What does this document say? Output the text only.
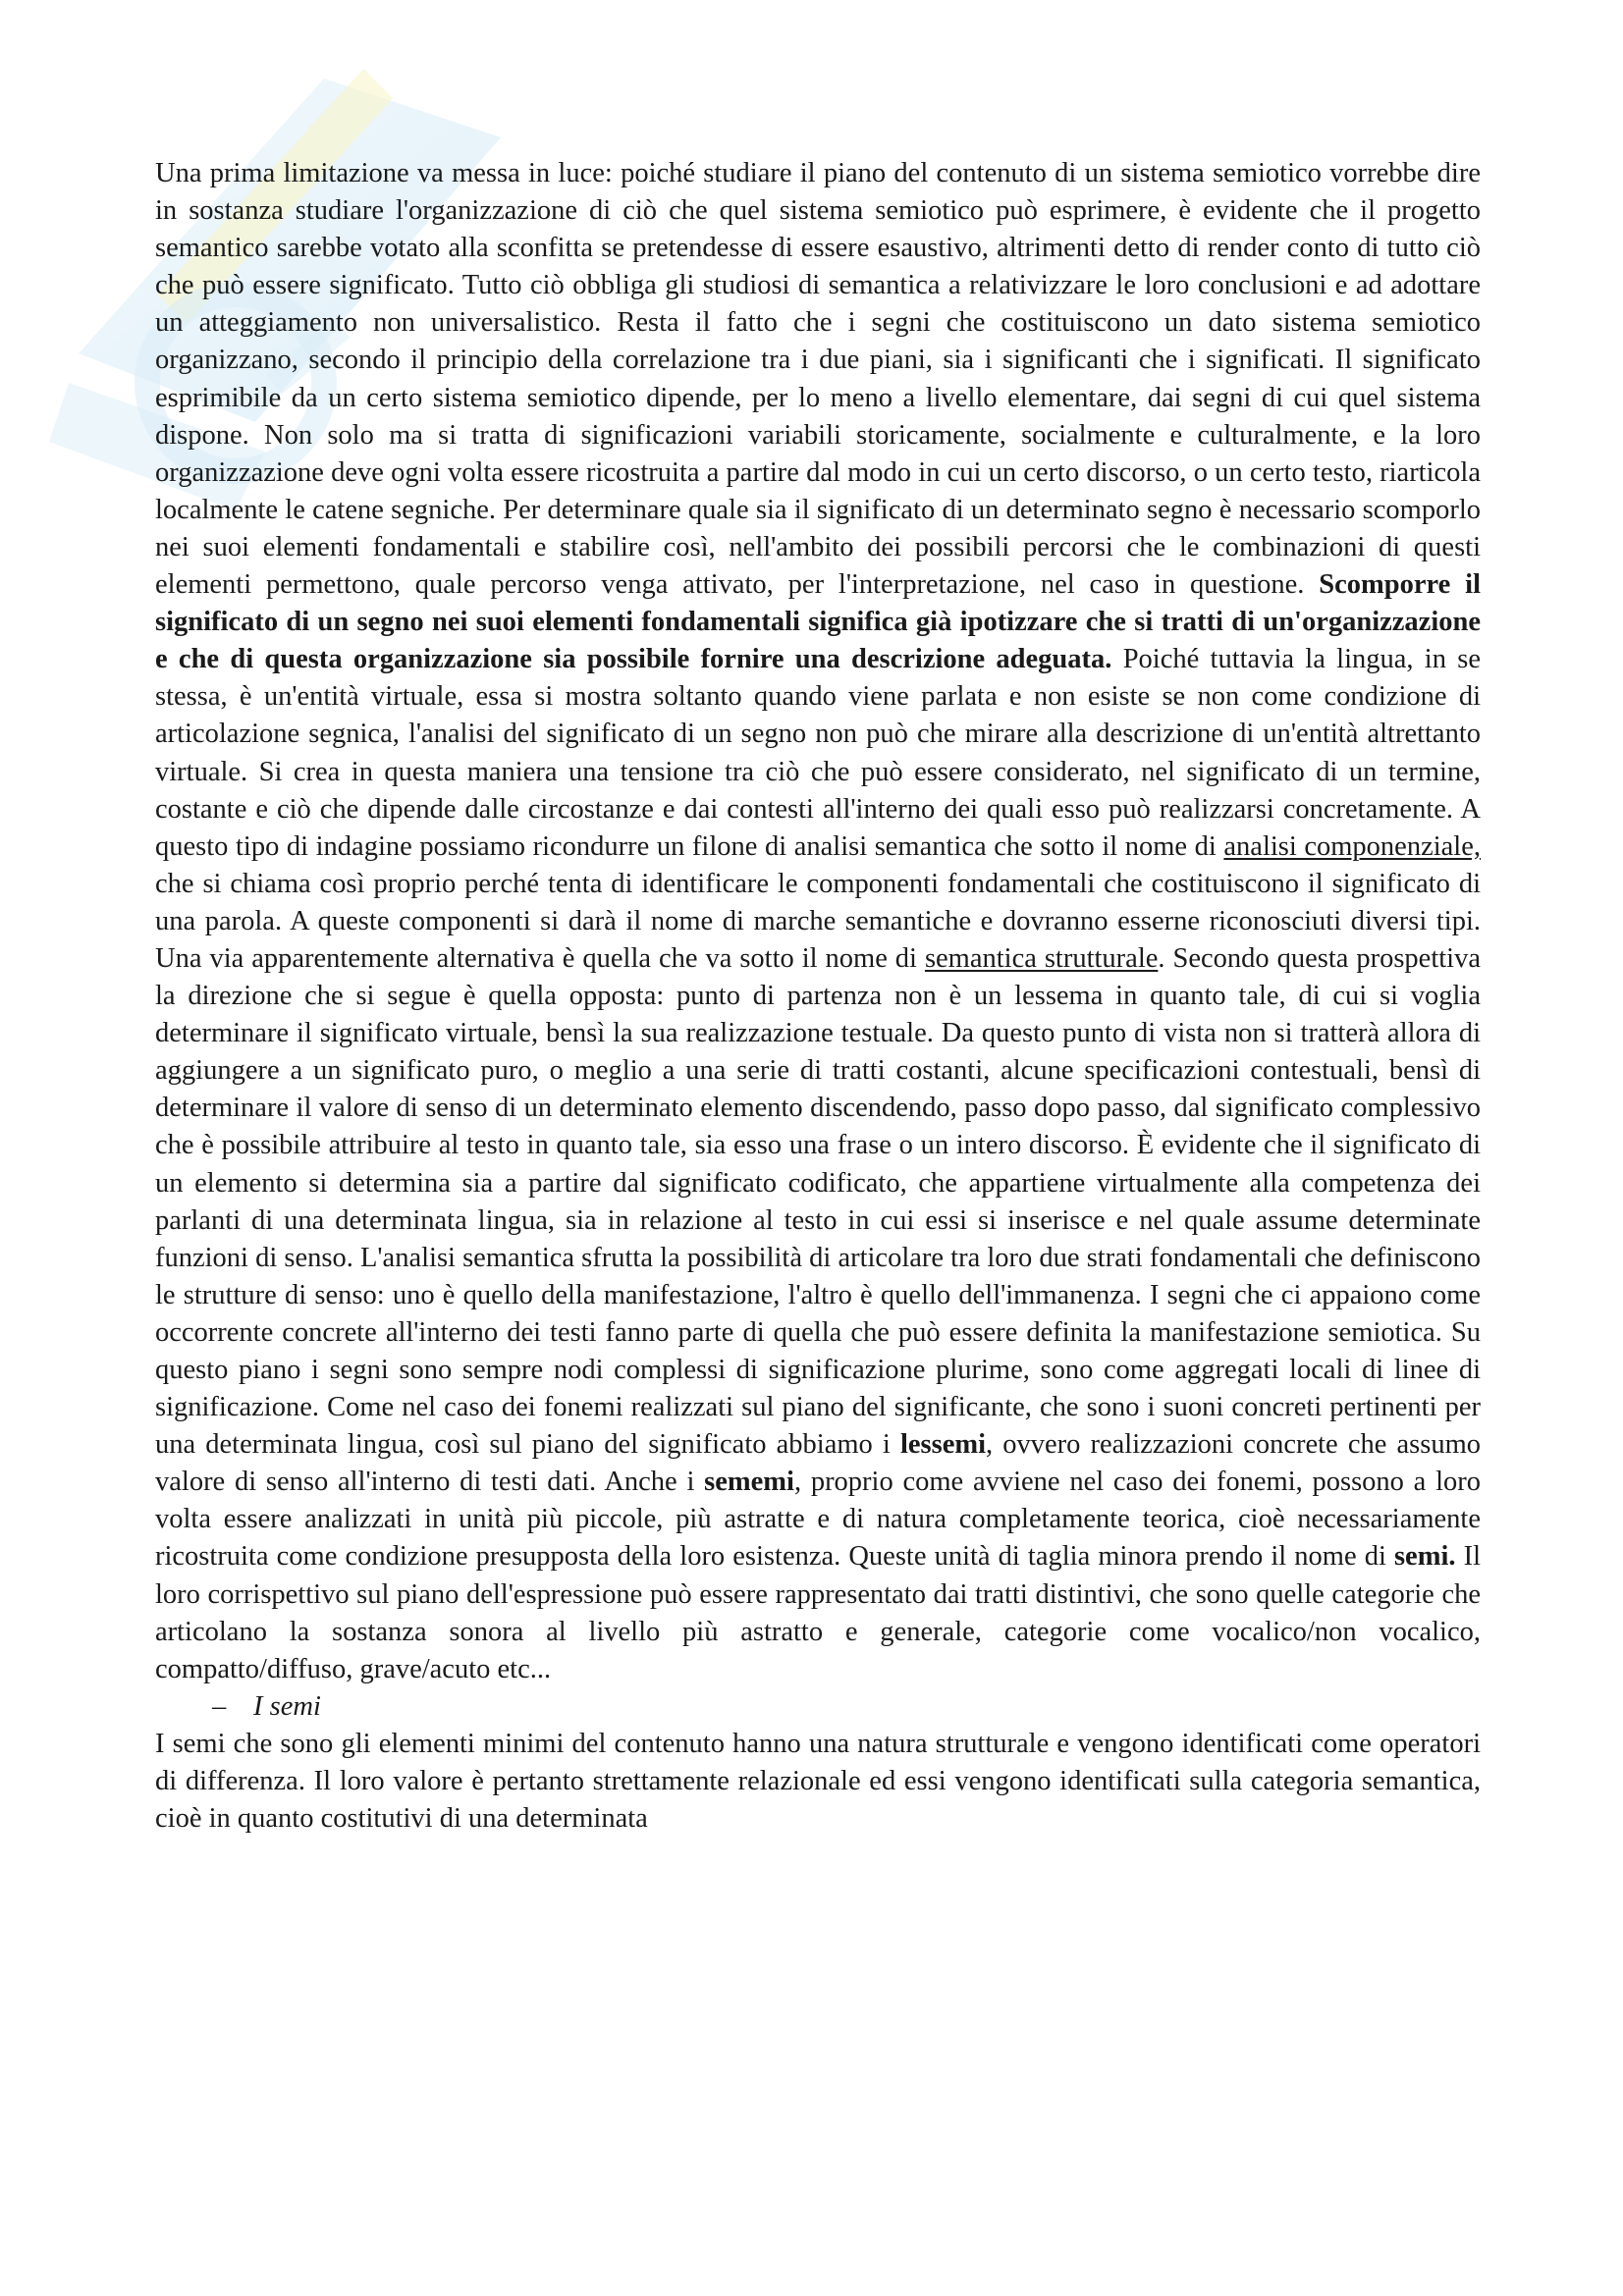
Una prima limitazione va messa in luce: poiché studiare il piano del contenuto di un sistema semiotico vorrebbe dire in sostanza studiare l'organizzazione di ciò che quel sistema semiotico può esprimere, è evidente che il progetto semantico sarebbe votato alla sconfitta se pretendesse di essere esaustivo, altrimenti detto di render conto di tutto ciò che può essere significato. Tutto ciò obbliga gli studiosi di semantica a relativizzare le loro conclusioni e ad adottare un atteggiamento non universalistico. Resta il fatto che i segni che costituiscono un dato sistema semiotico organizzano, secondo il principio della correlazione tra i due piani, sia i significanti che i significati. Il significato esprimibile da un certo sistema semiotico dipende, per lo meno a livello elementare, dai segni di cui quel sistema dispone. Non solo ma si tratta di significazioni variabili storicamente, socialmente e culturalmente, e la loro organizzazione deve ogni volta essere ricostruita a partire dal modo in cui un certo discorso, o un certo testo, riarticola localmente le catene segniche. Per determinare quale sia il significato di un determinato segno è necessario scomporlo nei suoi elementi fondamentali e stabilire così, nell'ambito dei possibili percorsi che le combinazioni di questi elementi permettono, quale percorso venga attivato, per l'interpretazione, nel caso in questione. Scomporre il significato di un segno nei suoi elementi fondamentali significa già ipotizzare che si tratti di un'organizzazione e che di questa organizzazione sia possibile fornire una descrizione adeguata. Poiché tuttavia la lingua, in se stessa, è un'entità virtuale, essa si mostra soltanto quando viene parlata e non esiste se non come condizione di articolazione segnica, l'analisi del significato di un segno non può che mirare alla descrizione di un'entità altrettanto virtuale. Si crea in questa maniera una tensione tra ciò che può essere considerato, nel significato di un termine, costante e ciò che dipende dalle circostanze e dai contesti all'interno dei quali esso può realizzarsi concretamente. A questo tipo di indagine possiamo ricondurre un filone di analisi semantica che sotto il nome di analisi componenziale, che si chiama così proprio perché tenta di identificare le componenti fondamentali che costituiscono il significato di una parola. A queste componenti si darà il nome di marche semantiche e dovranno esserne riconosciuti diversi tipi. Una via apparentemente alternativa è quella che va sotto il nome di semantica strutturale. Secondo questa prospettiva la direzione che si segue è quella opposta: punto di partenza non è un lessema in quanto tale, di cui si voglia determinare il significato virtuale, bensì la sua realizzazione testuale. Da questo punto di vista non si tratterà allora di aggiungere a un significato puro, o meglio a una serie di tratti costanti, alcune specificazioni contestuali, bensì di determinare il valore di senso di un determinato elemento discendendo, passo dopo passo, dal significato complessivo che è possibile attribuire al testo in quanto tale, sia esso una frase o un intero discorso. È evidente che il significato di un elemento si determina sia a partire dal significato codificato, che appartiene virtualmente alla competenza dei parlanti di una determinata lingua, sia in relazione al testo in cui essi si inserisce e nel quale assume determinate funzioni di senso. L'analisi semantica sfrutta la possibilità di articolare tra loro due strati fondamentali che definiscono le strutture di senso: uno è quello della manifestazione, l'altro è quello dell'immanenza. I segni che ci appaiono come occorrente concrete all'interno dei testi fanno parte di quella che può essere definita la manifestazione semiotica. Su questo piano i segni sono sempre nodi complessi di significazione plurime, sono come aggregati locali di linee di significazione. Come nel caso dei fonemi realizzati sul piano del significante, che sono i suoni concreti pertinenti per una determinata lingua, così sul piano del significato abbiamo i lessemi, ovvero realizzazioni concrete che assumo valore di senso all'interno di testi dati. Anche i sememi, proprio come avviene nel caso dei fonemi, possono a loro volta essere analizzati in unità più piccole, più astratte e di natura completamente teorica, cioè necessariamente ricostruita come condizione presupposta della loro esistenza. Queste unità di taglia minora prendo il nome di semi. Il loro corrispettivo sul piano dell'espressione può essere rappresentato dai tratti distintivi, che sono quelle categorie che articolano la sostanza sonora al livello più astratto e generale, categorie come vocalico/non vocalico, compatto/diffuso, grave/acuto etc...

– I semi

I semi che sono gli elementi minimi del contenuto hanno una natura strutturale e vengono identificati come operatori di differenza. Il loro valore è pertanto strettamente relazionale ed essi vengono identificati sulla categoria semantica, cioè in quanto costitutivi di una determinata
